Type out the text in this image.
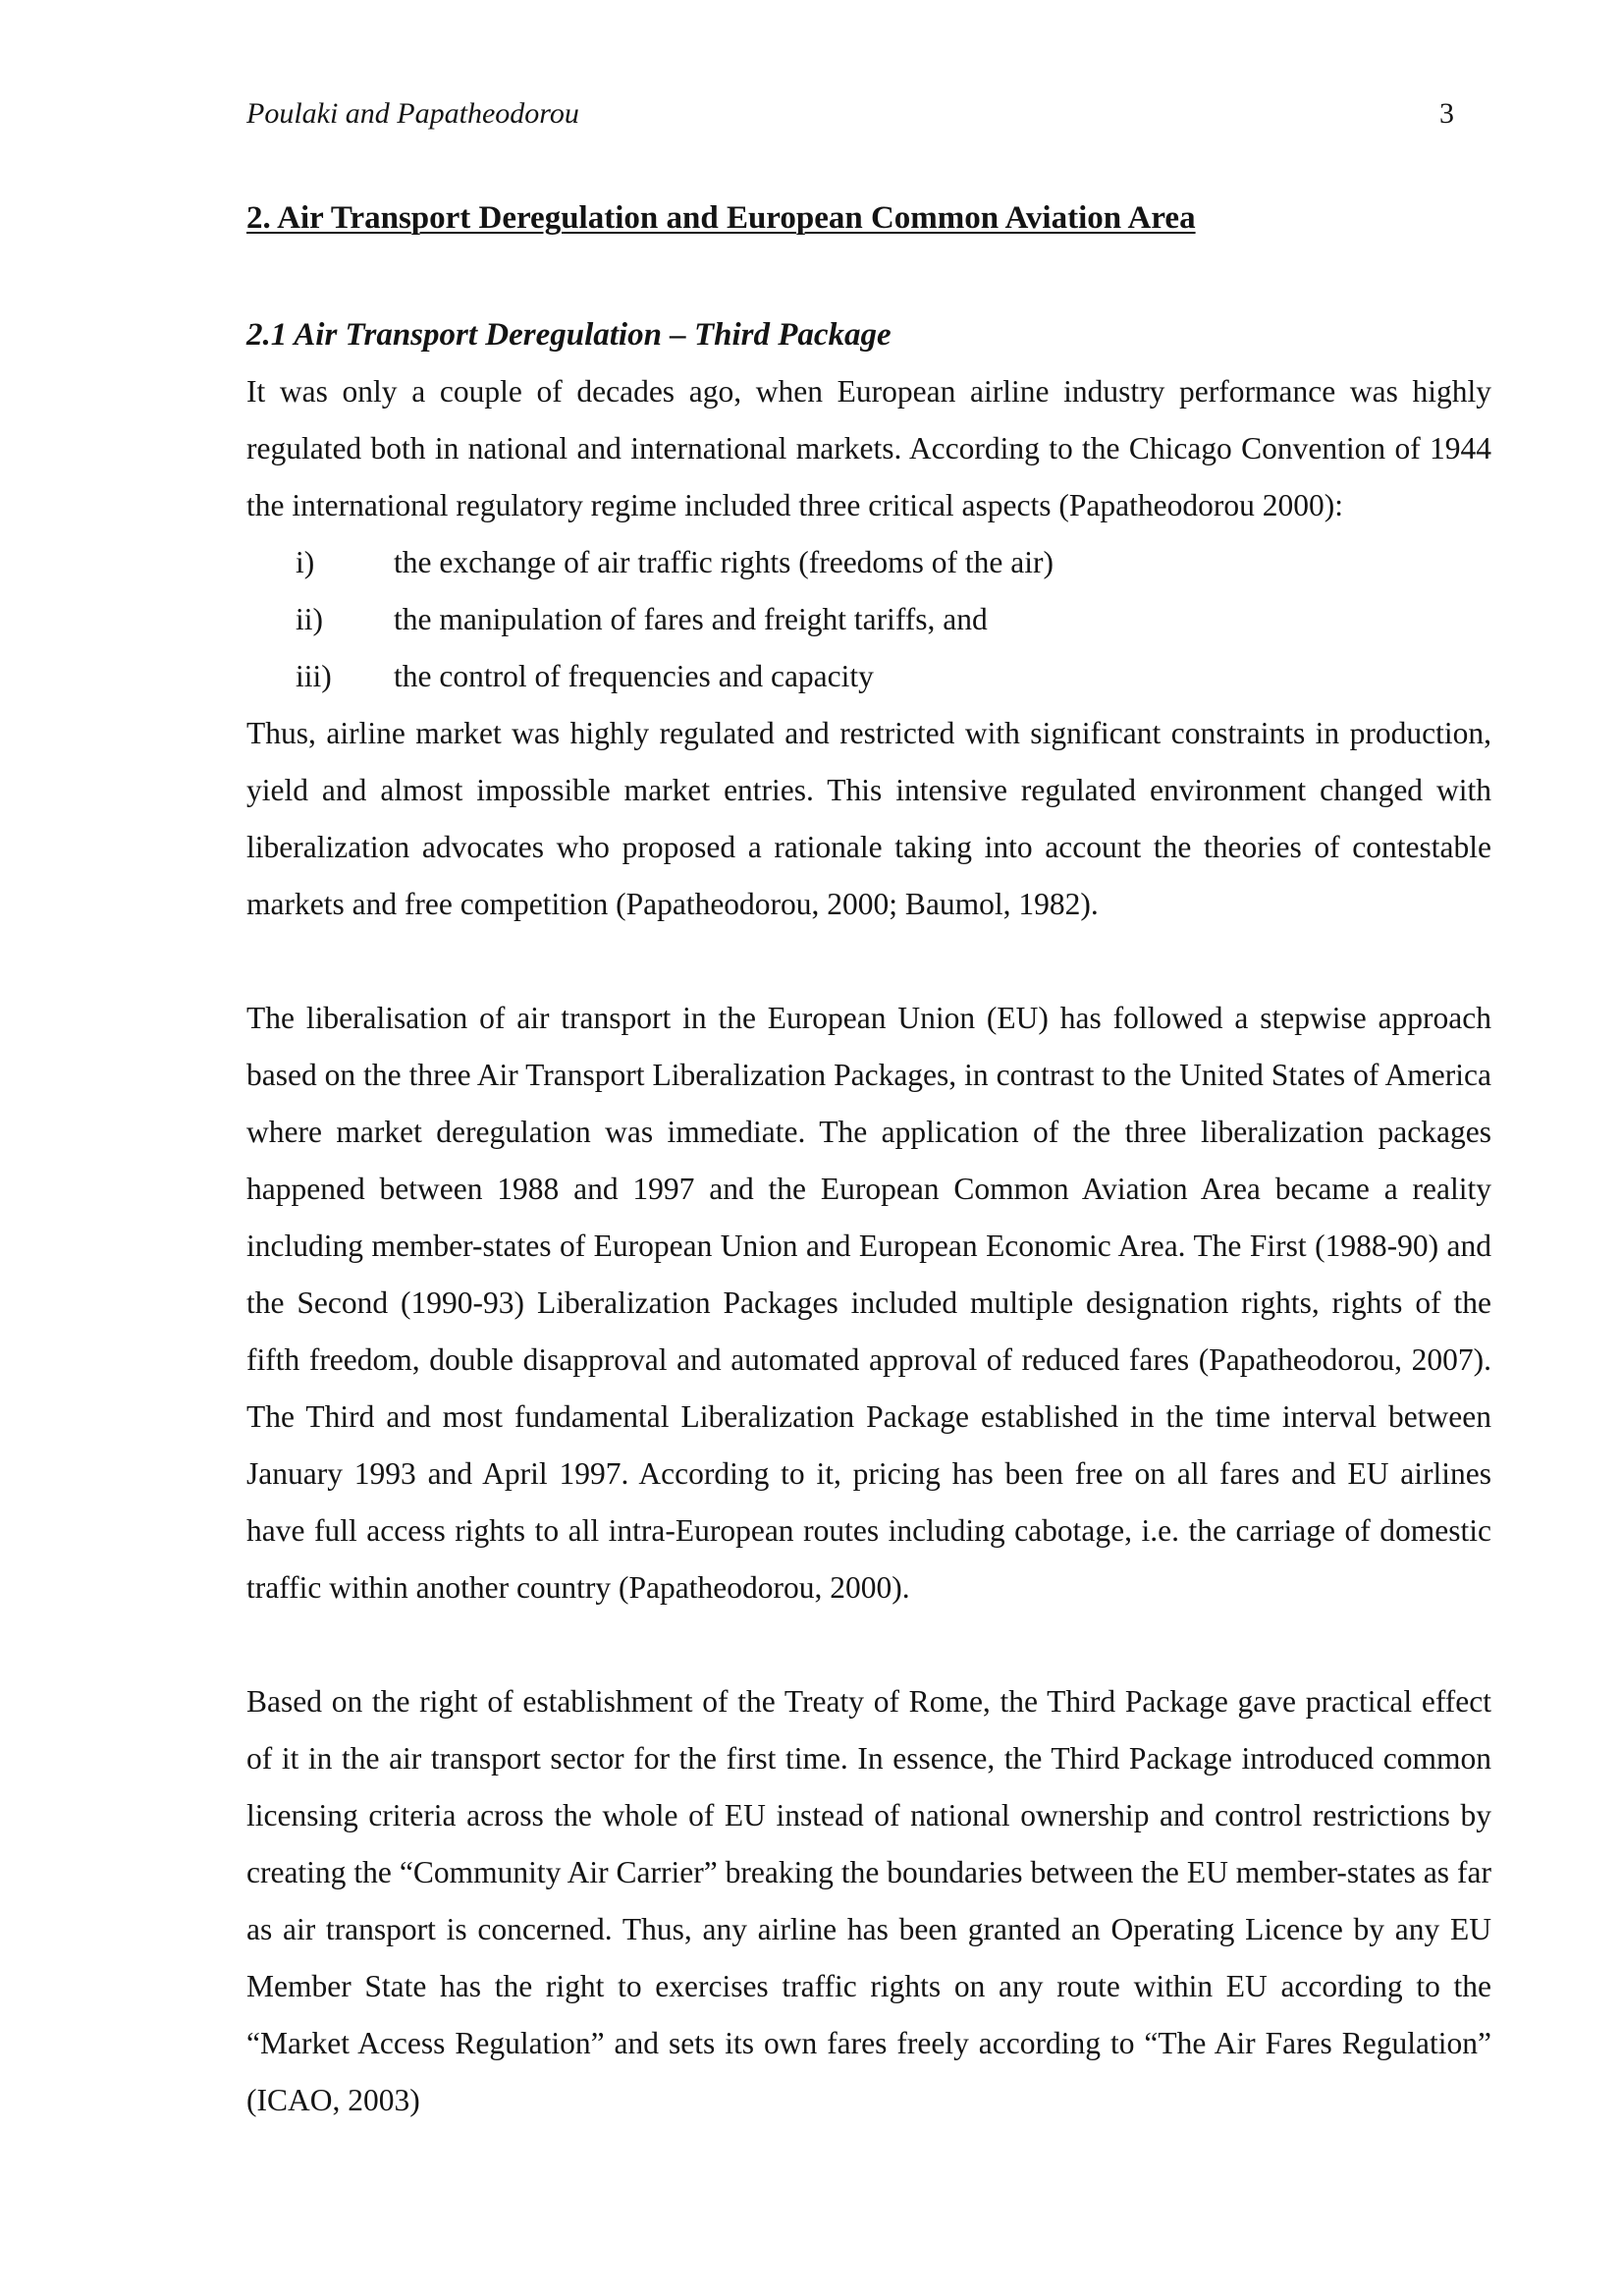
Poulaki and Papatheodorou	3
2. Air Transport Deregulation and European Common Aviation Area
2.1 Air Transport Deregulation – Third Package

It was only a couple of decades ago, when European airline industry performance was highly regulated both in national and international markets. According to the Chicago Convention of 1944 the international regulatory regime included three critical aspects (Papatheodorou 2000):

i)	the exchange of air traffic rights (freedoms of the air)
ii) the manipulation of fares and freight tariffs, and
iii) the control of frequencies and capacity

Thus, airline market was highly regulated and restricted with significant constraints in production, yield and almost impossible market entries. This intensive regulated environment changed with liberalization advocates who proposed a rationale taking into account the theories of contestable markets and free competition (Papatheodorou, 2000; Baumol, 1982).

The liberalisation of air transport in the European Union (EU) has followed a stepwise approach based on the three Air Transport Liberalization Packages, in contrast to the United States of America where market deregulation was immediate. The application of the three liberalization packages happened between 1988 and 1997 and the European Common Aviation Area became a reality including member-states of European Union and European Economic Area. The First (1988-90) and the Second (1990-93) Liberalization Packages included multiple designation rights, rights of the fifth freedom, double disapproval and automated approval of reduced fares (Papatheodorou, 2007). The Third and most fundamental Liberalization Package established in the time interval between January 1993 and April 1997. According to it, pricing has been free on all fares and EU airlines have full access rights to all intra-European routes including cabotage, i.e. the carriage of domestic traffic within another country (Papatheodorou, 2000).

Based on the right of establishment of the Treaty of Rome, the Third Package gave practical effect of it in the air transport sector for the first time. In essence, the Third Package introduced common licensing criteria across the whole of EU instead of national ownership and control restrictions by creating the “Community Air Carrier” breaking the boundaries between the EU member-states as far as air transport is concerned. Thus, any airline has been granted an Operating Licence by any EU Member State has the right to exercises traffic rights on any route within EU according to the “Market Access Regulation” and sets its own fares freely according to “The Air Fares Regulation” (ICAO, 2003)
